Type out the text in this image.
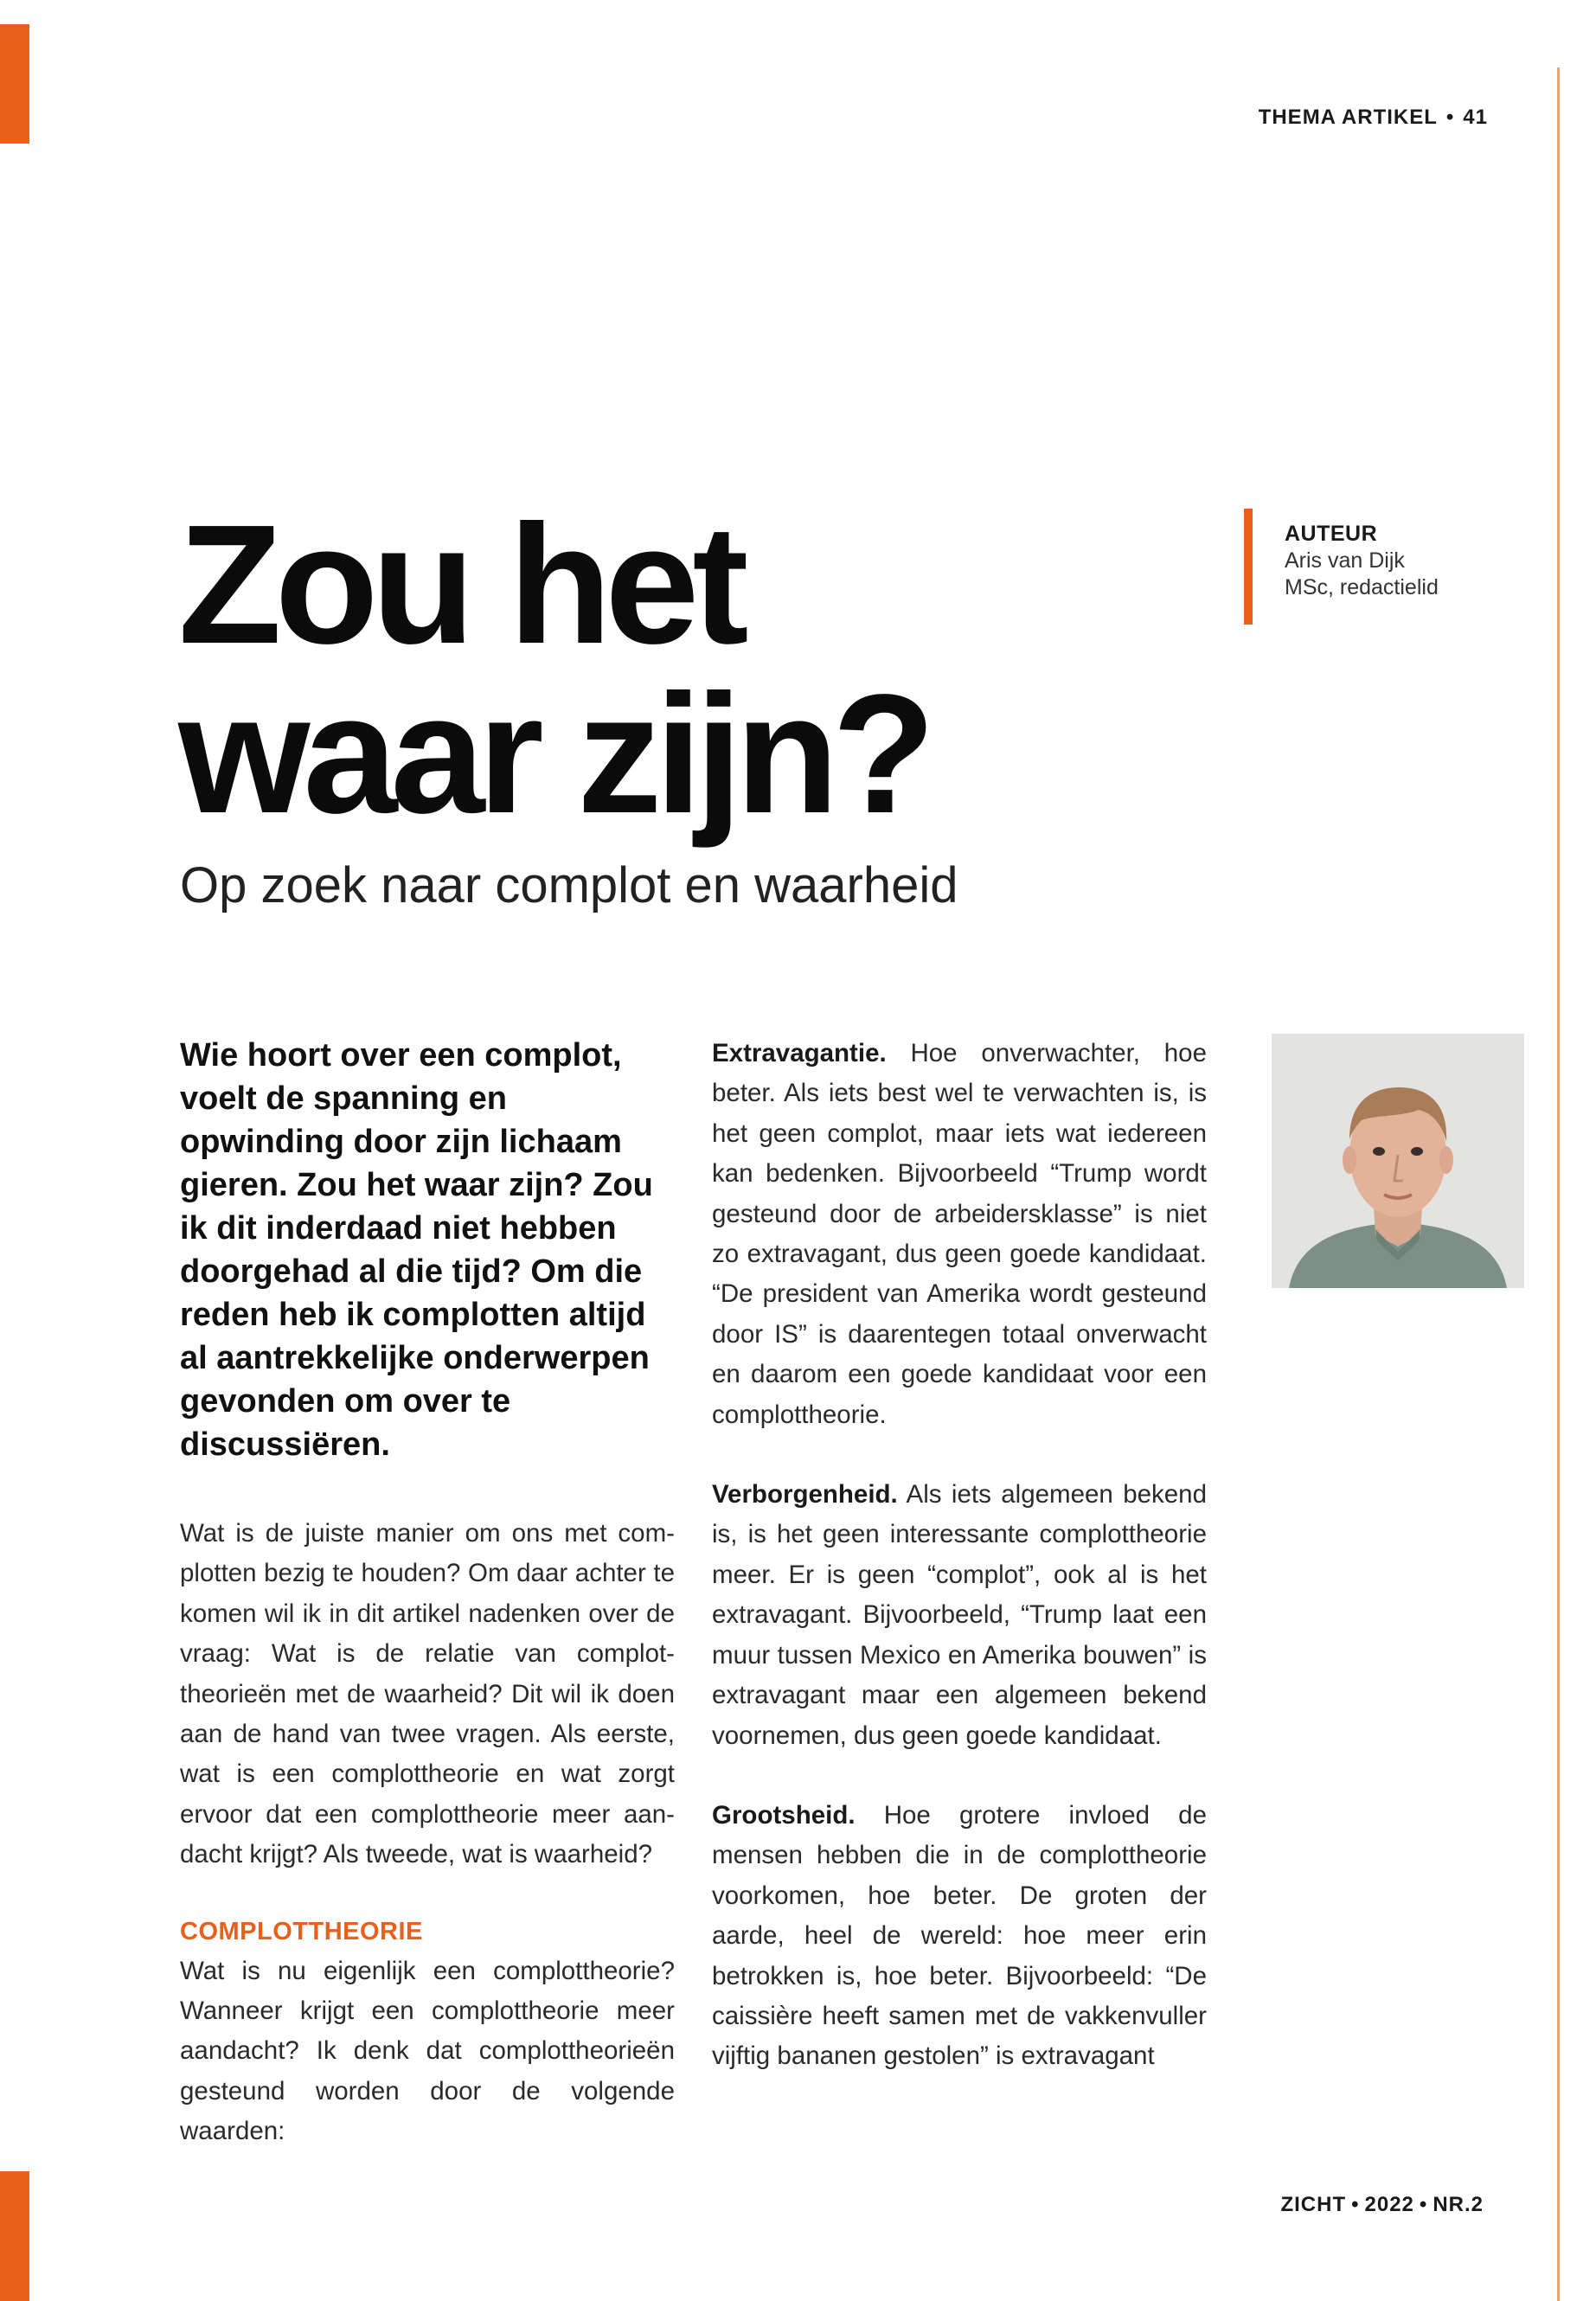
THEMA ARTIKEL • 41
Zou het
waar zijn?
Op zoek naar complot en waarheid
AUTEUR
Aris van Dijk
MSc, redactielid

Wie hoort over een complot, voelt de spanning en opwinding door zijn lichaam gieren. Zou het waar zijn? Zou ik dit inderdaad niet hebben doorgehad al die tijd? Om die reden heb ik complotten altijd al aantrekkelijke onderwerpen gevonden om over te discussiëren.

Wat is de juiste manier om ons met complotten bezig te houden? Om daar achter te komen wil ik in dit artikel nadenken over de vraag: Wat is de relatie van complottheorieën met de waarheid? Dit wil ik doen aan de hand van twee vragen. Als eerste, wat is een complottheorie en wat zorgt ervoor dat een complottheorie meer aandacht krijgt? Als tweede, wat is waarheid?

COMPLOTTHEORIE

Wat is nu eigenlijk een complottheorie? Wanneer krijgt een complottheorie meer aandacht? Ik denk dat complottheorieën gesteund worden door de volgende waarden:

Extravagantie. Hoe onverwachter, hoe beter. Als iets best wel te verwachten is, is het geen complot, maar iets wat iedereen kan bedenken. Bijvoorbeeld “Trump wordt gesteund door de arbeidersklasse” is niet zo extravagant, dus geen goede kandidaat. “De president van Amerika wordt gesteund door IS” is daarentegen totaal onverwacht en daarom een goede kandidaat voor een complottheorie.

Verborgenheid. Als iets algemeen bekend is, is het geen interessante complottheorie meer. Er is geen “complot”, ook al is het extravagant. Bijvoorbeeld, “Trump laat een muur tussen Mexico en Amerika bouwen” is extravagant maar een algemeen bekend voornemen, dus geen goede kandidaat.

Grootsheid. Hoe grotere invloed de mensen hebben die in de complottheorie voorkomen, hoe beter. De groten der aarde, heel de wereld: hoe meer erin betrokken is, hoe beter. Bijvoorbeeld: “De caissière heeft samen met de vakkenvuller vijftig bananen gestolen” is extravagant

ZICHT • 2022 • NR.2
